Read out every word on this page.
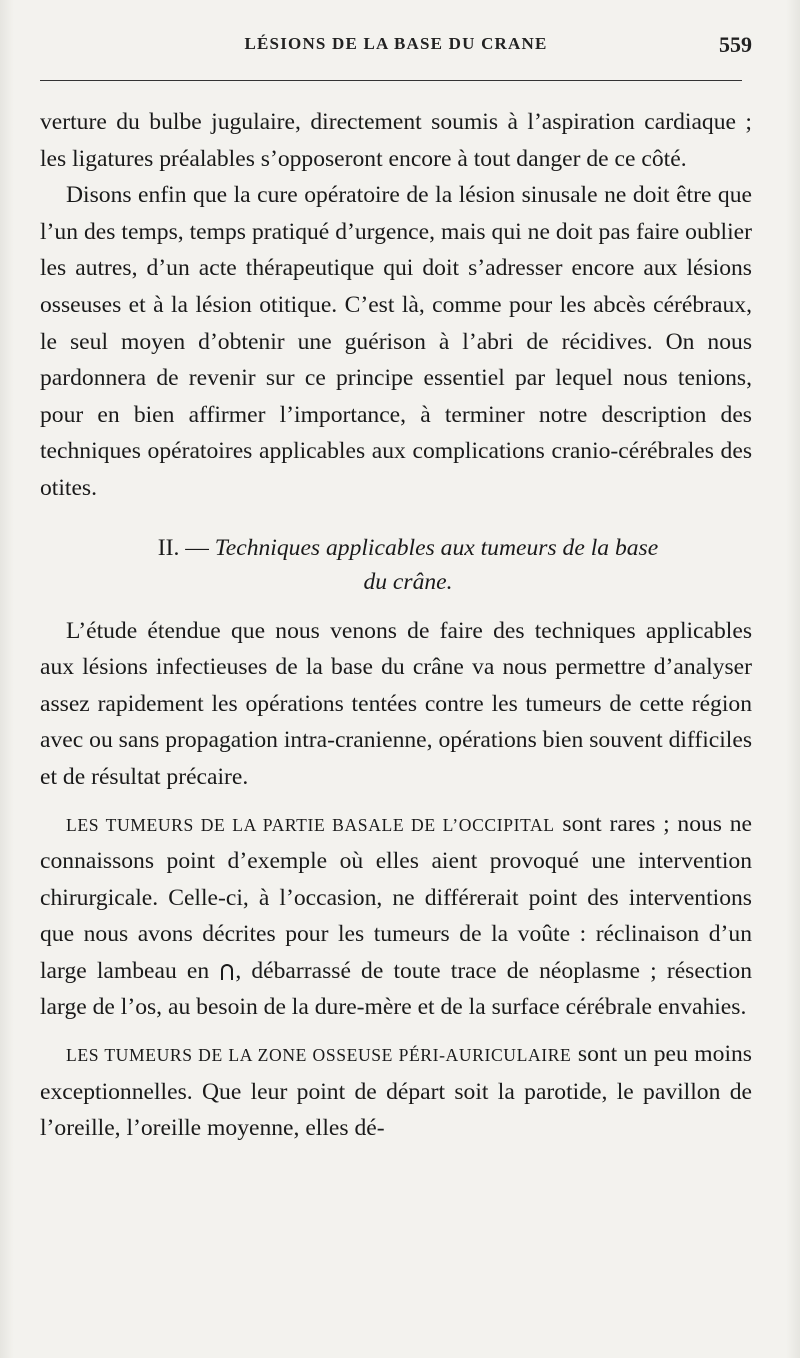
LÉSIONS DE LA BASE DU CRANE	559

verture du bulbe jugulaire, directement soumis à l’aspiration cardiaque ; les ligatures préalables s’opposeront encore à tout danger de ce côté.

Disons enfin que la cure opératoire de la lésion sinusale ne doit être que l’un des temps, temps pratiqué d’urgence, mais qui ne doit pas faire oublier les autres, d’un acte thérapeutique qui doit s’adresser encore aux lésions osseuses et à la lésion otitique. C’est là, comme pour les abcès cérébraux, le seul moyen d’obtenir une guérison à l’abri de récidives. On nous pardonnera de revenir sur ce principe essentiel par lequel nous tenions, pour en bien affirmer l’importance, à terminer notre description des techniques opératoires applicables aux complications cranio-cérébrales des otites.

II. — Techniques applicables aux tumeurs de la base
du crâne.

L’étude étendue que nous venons de faire des techniques applicables aux lésions infectieuses de la base du crâne va nous permettre d’analyser assez rapidement les opérations tentées contre les tumeurs de cette région avec ou sans propagation intra-cranienne, opérations bien souvent difficiles et de résultat précaire.

LES TUMEURS DE LA PARTIE BASALE DE L’OCCIPITAL sont rares ; nous ne connaissons point d’exemple où elles aient provoqué une intervention chirurgicale. Celle-ci, à l’occasion, ne différerait point des interventions que nous avons décrites pour les tumeurs de la voûte : réclinaison d’un large lambeau en , débarrassé de toute trace de néoplasme ; résection large de l’os, au besoin de la dure-mère et de la surface cérébrale envahies.

LES TUMEURS DE LA ZONE OSSEUSE PÉRI-AURICULAIRE sont un peu moins exceptionnelles. Que leur point de départ soit la parotide, le pavillon de l’oreille, l’oreille moyenne, elles dé-
